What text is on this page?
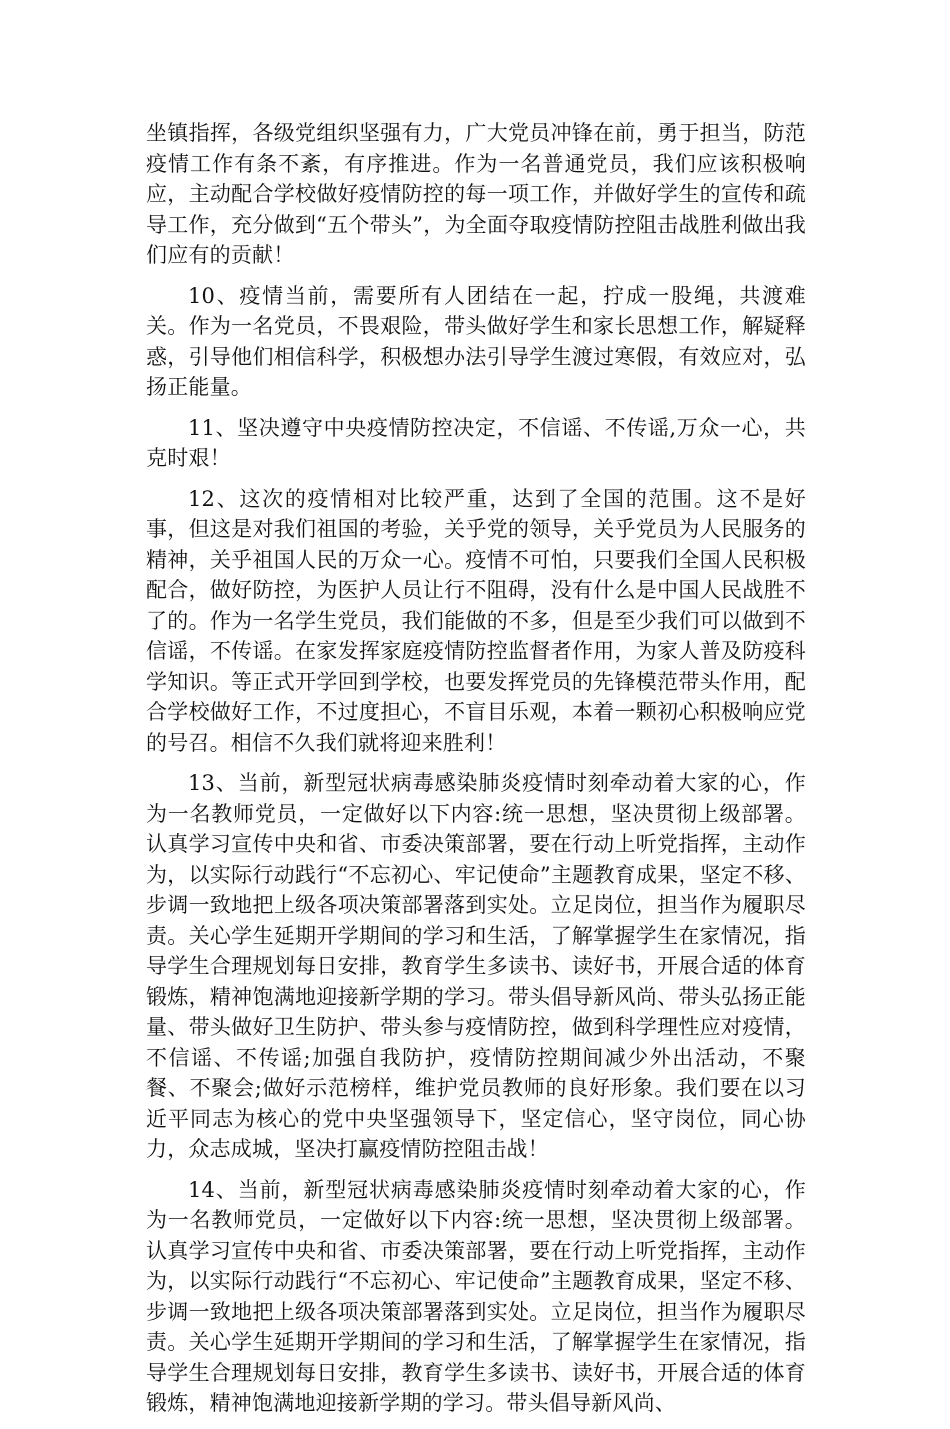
坐镇指挥，各级党组织坚强有力，广大党员冲锋在前，勇于担当，防范疫情工作有条不紊，有序推进。作为一名普通党员，我们应该积极响应，主动配合学校做好疫情防控的每一项工作，并做好学生的宣传和疏导工作，充分做到“五个带头”，为全面夺取疫情防控阻击战胜利做出我们应有的贡献！

10、疫情当前，需要所有人团结在一起，拧成一股绳，共渡难关。作为一名党员，不畏艰险，带头做好学生和家长思想工作，解疑释惑，引导他们相信科学，积极想办法引导学生渡过寒假，有效应对，弘扬正能量。

11、坚决遵守中央疫情防控决定，不信谣、不传谣,万众一心，共克时艰！

12、这次的疫情相对比较严重，达到了全国的范围。这不是好事，但这是对我们祖国的考验，关乎党的领导，关乎党员为人民服务的精神，关乎祖国人民的万众一心。疫情不可怕，只要我们全国人民积极配合，做好防控，为医护人员让行不阻碍，没有什么是中国人民战胜不了的。作为一名学生党员，我们能做的不多，但是至少我们可以做到不信谣，不传谣。在家发挥家庭疫情防控监督者作用，为家人普及防疫科学知识。等正式开学回到学校，也要发挥党员的先锋模范带头作用，配合学校做好工作，不过度担心，不盲目乐观，本着一颗初心积极响应党的号召。相信不久我们就将迎来胜利！

13、当前，新型冠状病毒感染肺炎疫情时刻牵动着大家的心，作为一名教师党员，一定做好以下内容:统一思想，坚决贯彻上级部署。认真学习宣传中央和省、市委决策部署，要在行动上听党指挥，主动作为，以实际行动践行“不忘初心、牢记使命”主题教育成果，坚定不移、步调一致地把上级各项决策部署落到实处。立足岗位，担当作为履职尽责。关心学生延期开学期间的学习和生活，了解掌握学生在家情况，指导学生合理规划每日安排，教育学生多读书、读好书，开展合适的体育锻炼，精神饱满地迎接新学期的学习。带头倡导新风尚、带头弘扬正能量、带头做好卫生防护、带头参与疫情防控，做到科学理性应对疫情，不信谣、不传谣;加强自我防护，疫情防控期间减少外出活动，不聚餐、不聚会;做好示范榜样，维护党员教师的良好形象。我们要在以习近平同志为核心的党中央坚强领导下，坚定信心，坚守岗位，同心协力，众志成城，坚决打赢疫情防控阻击战！

14、当前，新型冠状病毒感染肺炎疫情时刻牵动着大家的心，作为一名教师党员，一定做好以下内容:统一思想，坚决贯彻上级部署。认真学习宣传中央和省、市委决策部署，要在行动上听党指挥，主动作为，以实际行动践行“不忘初心、牢记使命”主题教育成果，坚定不移、步调一致地把上级各项决策部署落到实处。立足岗位，担当作为履职尽责。关心学生延期开学期间的学习和生活，了解掌握学生在家情况，指导学生合理规划每日安排，教育学生多读书、读好书，开展合适的体育锻炼，精神饱满地迎接新学期的学习。带头倡导新风尚、
